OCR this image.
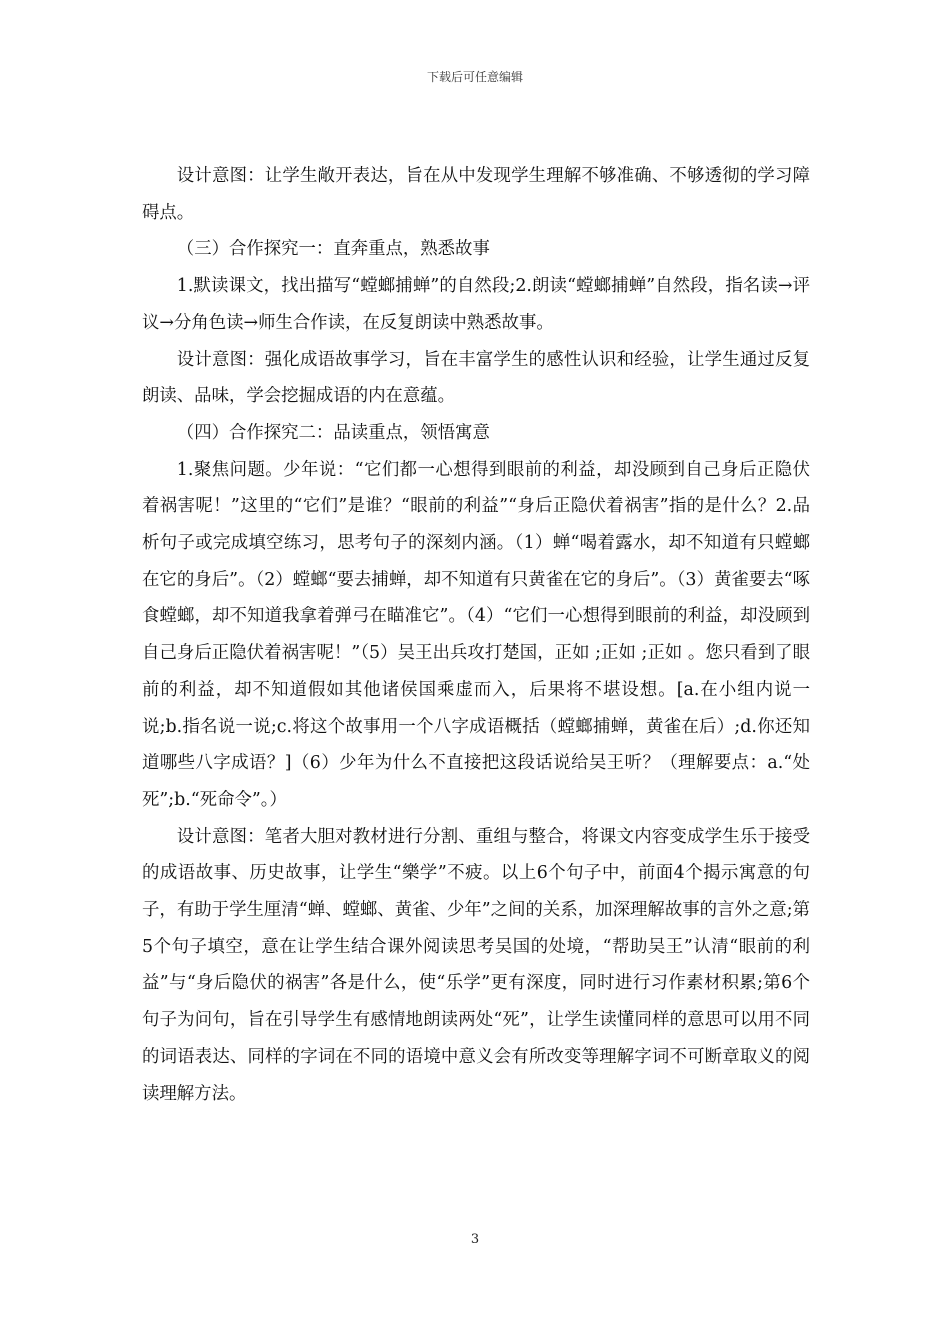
下载后可任意编辑

设计意图：让学生敞开表达，旨在从中发现学生理解不够准确、不够透彻的学习障碍点。

（三）合作探究一：直奔重点，熟悉故事

1.默读课文，找出描写“螳螂捕蝉”的自然段;2.朗读“螳螂捕蝉”自然段，指名读→评议→分角色读→师生合作读，在反复朗读中熟悉故事。

设计意图：强化成语故事学习，旨在丰富学生的感性认识和经验，让学生通过反复朗读、品味，学会挖掘成语的内在意蕴。

（四）合作探究二：品读重点，领悟寓意

1.聚焦问题。少年说：“它们都一心想得到眼前的利益，却没顾到自己身后正隐伏着祸害呢！”这里的“它们”是谁？“眼前的利益”“身后正隐伏着祸害”指的是什么？2.品析句子或完成填空练习，思考句子的深刻内涵。（1）蝉“喝着露水，却不知道有只螳螂在它的身后”。（2）螳螂“要去捕蝉，却不知道有只黄雀在它的身后”。（3）黄雀要去“啄食螳螂，却不知道我拿着弹弓在瞄准它”。（4）“它们一心想得到眼前的利益，却没顾到自己身后正隐伏着祸害呢！”（5）吴王出兵攻打楚国，正如 ;正如 ;正如 。您只看到了眼前的利益，却不知道假如其他诸侯国乘虚而入，后果将不堪设想。[a.在小组内说一说;b.指名说一说;c.将这个故事用一个八字成语概括（螳螂捕蝉，黄雀在后）;d.你还知道哪些八字成语？]（6）少年为什么不直接把这段话说给吴王听？（理解要点：a.“处死”;b.“死命令”。）

设计意图：笔者大胆对教材进行分割、重组与整合，将课文内容变成学生乐于接受的成语故事、历史故事，让学生“樂学”不疲。以上6个句子中，前面4个揭示寓意的句子，有助于学生厘清“蝉、螳螂、黄雀、少年”之间的关系，加深理解故事的言外之意;第5个句子填空，意在让学生结合课外阅读思考吴国的处境，“帮助吴王”认清“眼前的利益”与“身后隐伏的祸害”各是什么，使“乐学”更有深度，同时进行习作素材积累;第6个句子为问句，旨在引导学生有感情地朗读两处“死”，让学生读懂同样的意思可以用不同的词语表达、同样的字词在不同的语境中意义会有所改变等理解字词不可断章取义的阅读理解方法。

3
